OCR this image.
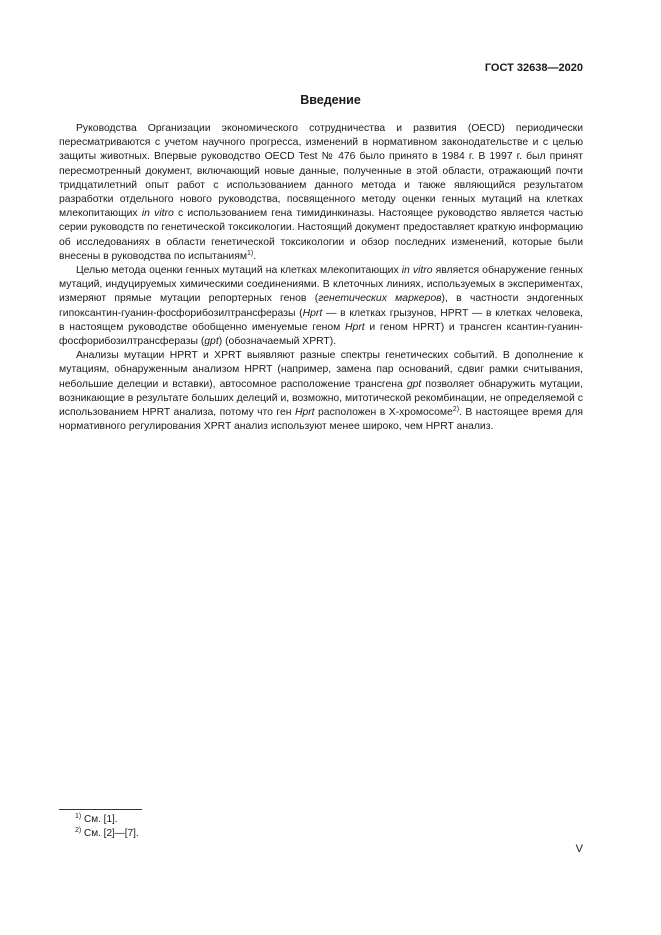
ГОСТ 32638—2020
Введение

Руководства Организации экономического сотрудничества и развития (OECD) периодически пересматриваются с учетом научного прогресса, изменений в нормативном законодательстве и с целью защиты животных. Впервые руководство OECD Test № 476 было принято в 1984 г. В 1997 г. был принят пересмотренный документ, включающий новые данные, полученные в этой области, отражающий почти тридцатилетний опыт работ с использованием данного метода и также являющийся результатом разработки отдельного нового руководства, посвященного методу оценки генных мутаций на клетках млекопитающих in vitro с использованием гена тимидинкиназы. Настоящее руководство является частью серии руководств по генетической токсикологии. Настоящий документ предоставляет краткую информацию об исследованиях в области генетической токсикологии и обзор последних изменений, которые были внесены в руководства по испытаниям$^{1)}$.

Целью метода оценки генных мутаций на клетках млекопитающих in vitro является обнаружение генных мутаций, индуцируемых химическими соединениями. В клеточных линиях, используемых в экспериментах, измеряют прямые мутации репортерных генов (генетических маркеров), в частности эндогенных гипоксантин-гуанин-фосфорибозилтрансферазы (Hprt — в клетках грызунов, HPRT — в клетках человека, в настоящем руководстве обобщенно именуемые геном Hprt и геном HPRT) и трансген ксантин-гуанин-фосфорибозилтрансферазы (gpt) (обозначаемый XPRT).

Анализы мутации HPRT и XPRT выявляют разные спектры генетических событий. В дополнение к мутациям, обнаруженным анализом HPRT (например, замена пар оснований, сдвиг рамки считывания, небольшие делеции и вставки), автосомное расположение трансгена gpt позволяет обнаружить мутации, возникающие в результате больших делеций и, возможно, митотической рекомбинации, не определяемой с использованием HPRT анализа, потому что ген Hprt расположен в X-хромосоме$^{2)}$. В настоящее время для нормативного регулирования XPRT анализ используют менее широко, чем HPRT анализ.

$^{1)}$ См. [1].

$^{2)}$ См. [2]—[7].

V
